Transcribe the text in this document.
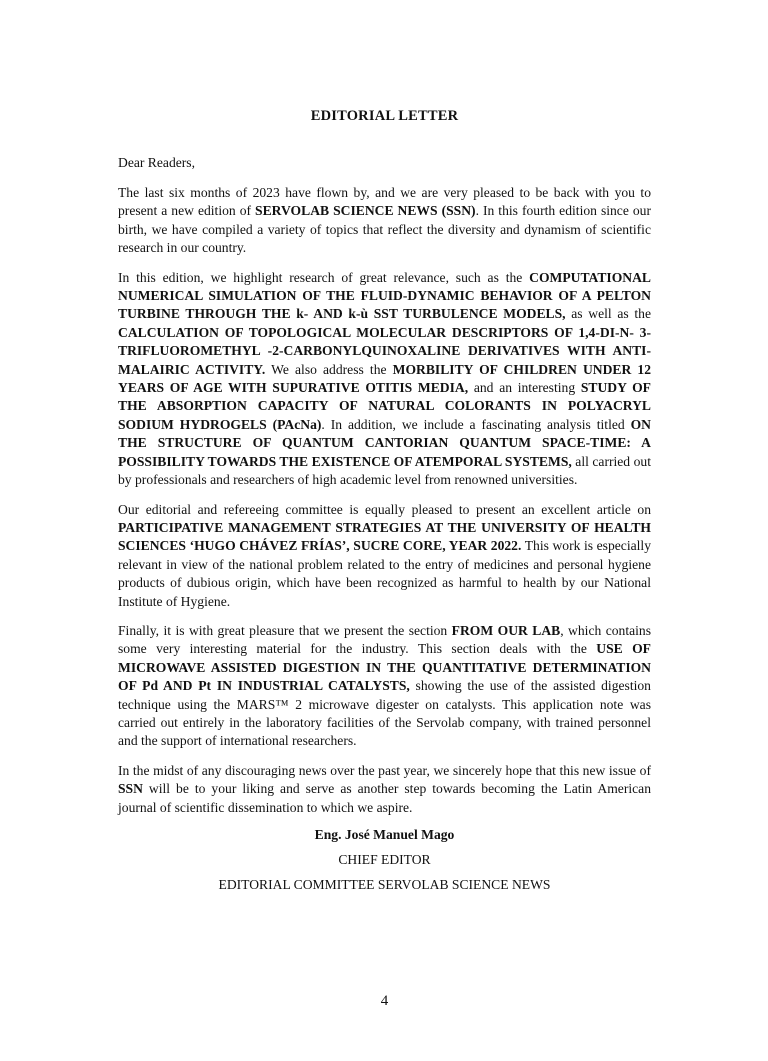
EDITORIAL LETTER
Dear Readers,

The last six months of 2023 have flown by, and we are very pleased to be back with you to present a new edition of SERVOLAB SCIENCE NEWS (SSN). In this fourth edition since our birth, we have compiled a variety of topics that reflect the diversity and dynamism of scientific research in our country.

In this edition, we highlight research of great relevance, such as the COMPUTATIONAL NUMERICAL SIMULATION OF THE FLUID-DYNAMIC BEHAVIOR OF A PELTON TURBINE THROUGH THE k- AND k-ù SST TURBULENCE MODELS, as well as the CALCULATION OF TOPOLOGICAL MOLECULAR DESCRIPTORS OF 1,4-DI-N- 3-TRIFLUOROMETHYL -2-CARBONYLQUINOXALINE DERIVATIVES WITH ANTI-MALAIRIC ACTIVITY. We also address the MORBILITY OF CHILDREN UNDER 12 YEARS OF AGE WITH SUPURATIVE OTITIS MEDIA, and an interesting STUDY OF THE ABSORPTION CAPACITY OF NATURAL COLORANTS IN POLYACRYL SODIUM HYDROGELS (PAcNa). In addition, we include a fascinating analysis titled ON THE STRUCTURE OF QUANTUM CANTORIAN QUANTUM SPACE-TIME: A POSSIBILITY TOWARDS THE EXISTENCE OF ATEMPORAL SYSTEMS, all carried out by professionals and researchers of high academic level from renowned universities.

Our editorial and refereeing committee is equally pleased to present an excellent article on PARTICIPATIVE MANAGEMENT STRATEGIES AT THE UNIVERSITY OF HEALTH SCIENCES ‘HUGO CHÁVEZ FRÍAS’, SUCRE CORE, YEAR 2022. This work is especially relevant in view of the national problem related to the entry of medicines and personal hygiene products of dubious origin, which have been recognized as harmful to health by our National Institute of Hygiene.

Finally, it is with great pleasure that we present the section FROM OUR LAB, which contains some very interesting material for the industry. This section deals with the USE OF MICROWAVE ASSISTED DIGESTION IN THE QUANTITATIVE DETERMINATION OF Pd AND Pt IN INDUSTRIAL CATALYSTS, showing the use of the assisted digestion technique using the MARS™ 2 microwave digester on catalysts. This application note was carried out entirely in the laboratory facilities of the Servolab company, with trained personnel and the support of international researchers.

In the midst of any discouraging news over the past year, we sincerely hope that this new issue of SSN will be to your liking and serve as another step towards becoming the Latin American journal of scientific dissemination to which we aspire.

Eng. José Manuel Mago
CHIEF EDITOR
EDITORIAL COMMITTEE SERVOLAB SCIENCE NEWS
4
